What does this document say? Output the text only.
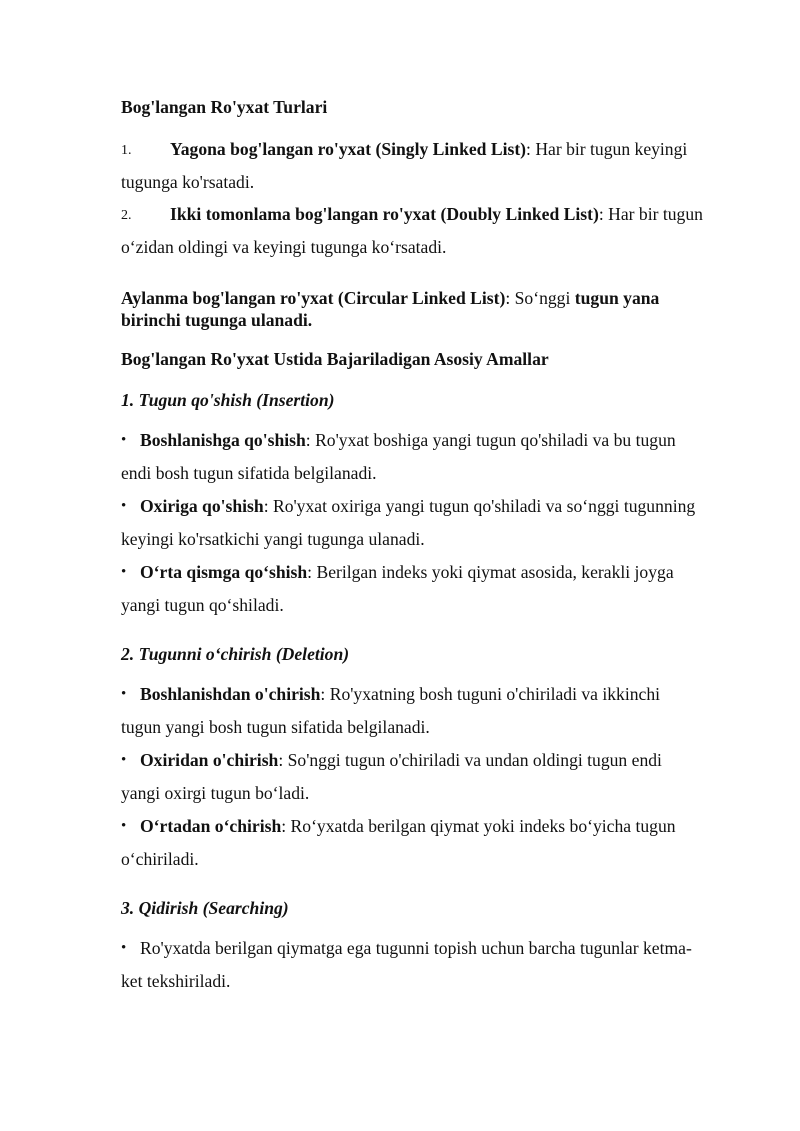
Bog'langan Ro'yxat Turlari
1. Yagona bog'langan ro'yxat (Singly Linked List): Har bir tugun keyingi
tugunga ko'rsatadi.
2. Ikki tomonlama bog'langan ro'yxat (Doubly Linked List): Har bir tugun
o‘zidan oldingi va keyingi tugunga ko‘rsatadi.
Aylanma bog'langan ro'yxat (Circular Linked List): So‘nggi tugun yana
birinchi tugunga ulanadi.
Bog'langan Ro'yxat Ustida Bajariladigan Asosiy Amallar
1. Tugun qo'shish (Insertion)
• Boshlanishga qo'shish: Ro'yxat boshiga yangi tugun qo'shiladi va bu tugun
endi bosh tugun sifatida belgilanadi.
• Oxiriga qo'shish: Ro'yxat oxiriga yangi tugun qo'shiladi va so‘nggi tugunning
keyingi ko'rsatkichi yangi tugunga ulanadi.
• O‘rta qismga qo‘shish: Berilgan indeks yoki qiymat asosida, kerakli joyga
yangi tugun qo‘shiladi.
2. Tugunni o‘chirish (Deletion)
• Boshlanishdan o'chirish: Ro'yxatning bosh tuguni o'chiriladi va ikkinchi
tugun yangi bosh tugun sifatida belgilanadi.
• Oxiridan o'chirish: So'nggi tugun o'chiriladi va undan oldingi tugun endi
yangi oxirgi tugun bo‘ladi.
• O‘rtadan o‘chirish: Ro‘yxatda berilgan qiymat yoki indeks bo‘yicha tugun
o‘chiriladi.
3. Qidirish (Searching)
• Ro'yxatda berilgan qiymatga ega tugunni topish uchun barcha tugunlar ketma-
ket tekshiriladi.
